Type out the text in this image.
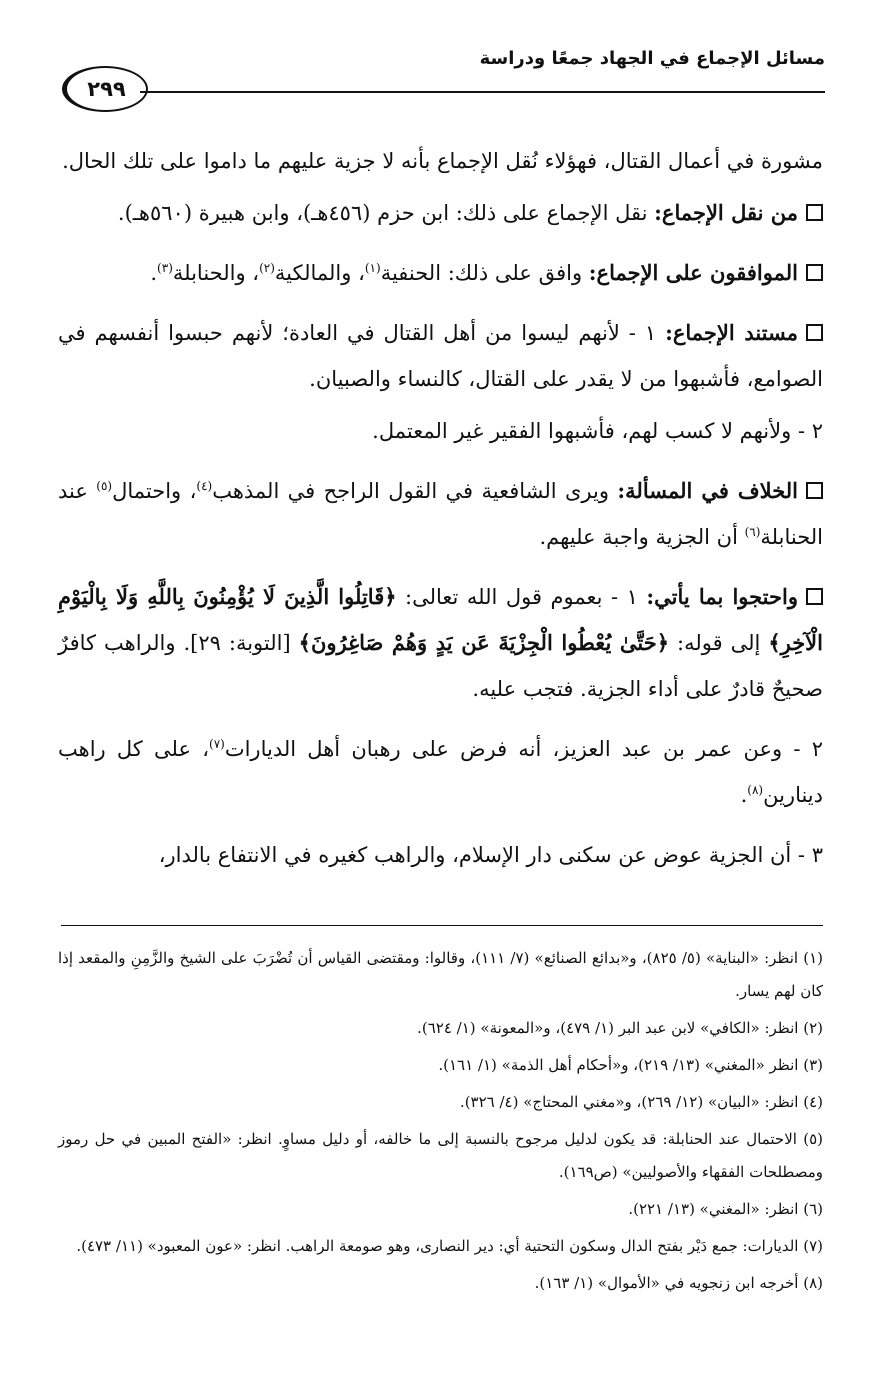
مسائل الإجماع في الجهاد جمعًا ودراسة
٢٩٩

مشورة في أعمال القتال، فهؤلاء نُقل الإجماع بأنه لا جزية عليهم ما داموا على تلك الحال.

من نقل الإجماع: نقل الإجماع على ذلك: ابن حزم (٤٥٦هـ)، وابن هبيرة (٥٦٠هـ).

الموافقون على الإجماع: وافق على ذلك: الحنفية$^{(١)}$، والمالكية$^{(٢)}$، والحنابلة$^{(٣)}$.

مستند الإجماع: ١ - لأنهم ليسوا من أهل القتال في العادة؛ لأنهم حبسوا أنفسهم في الصوامع، فأشبهوا من لا يقدر على القتال، كالنساء والصبيان.

٢ - ولأنهم لا كسب لهم، فأشبهوا الفقير غير المعتمل.

الخلاف في المسألة: ويرى الشافعية في القول الراجح في المذهب$^{(٤)}$، واحتمال$^{(٥)}$ عند الحنابلة$^{(٦)}$ أن الجزية واجبة عليهم.

واحتجوا بما يأتي: ١ - بعموم قول الله تعالى: ﴿قَاتِلُوا الَّذِينَ لَا يُؤْمِنُونَ بِاللَّهِ وَلَا بِالْيَوْمِ الْآخِرِ﴾ إلى قوله: ﴿حَتَّىٰ يُعْطُوا الْجِزْيَةَ عَن يَدٍ وَهُمْ صَاغِرُونَ﴾ [التوبة: ٢٩]. والراهب كافرٌ صحيحٌ قادرٌ على أداء الجزية. فتجب عليه.

٢ - وعن عمر بن عبد العزيز، أنه فرض على رهبان أهل الديارات$^{(٧)}$، على كل راهب دينارين$^{(٨)}$.

٣ - أن الجزية عوض عن سكنى دار الإسلام، والراهب كغيره في الانتفاع بالدار،

(١) انظر: «البناية» (٥/ ٨٢٥)، و«بدائع الصنائع» (٧/ ١١١)، وقالوا: ومقتضى القياس أن تُضْرَبَ على الشيخ والزَّمِنِ والمقعد إذا كان لهم يسار.

(٢) انظر: «الكافي» لابن عبد البر (١/ ٤٧٩)، و«المعونة» (١/ ٦٢٤).

(٣) انظر «المغني» (١٣/ ٢١٩)، و«أحكام أهل الذمة» (١/ ١٦١).

(٤) انظر: «البيان» (١٢/ ٢٦٩)، و«مغني المحتاج» (٤/ ٣٢٦).

(٥) الاحتمال عند الحنابلة: قد يكون لدليل مرجوح بالنسبة إلى ما خالفه، أو دليل مساوٍ. انظر: «الفتح المبين في حل رموز ومصطلحات الفقهاء والأصوليين» (ص١٦٩).

(٦) انظر: «المغني» (١٣/ ٢٢١).

(٧) الديارات: جمع دَيْر بفتح الدال وسكون التحتية أي: دير النصارى، وهو صومعة الراهب. انظر: «عون المعبود» (١١/ ٤٧٣).

(٨) أخرجه ابن زنجويه في «الأموال» (١/ ١٦٣).
